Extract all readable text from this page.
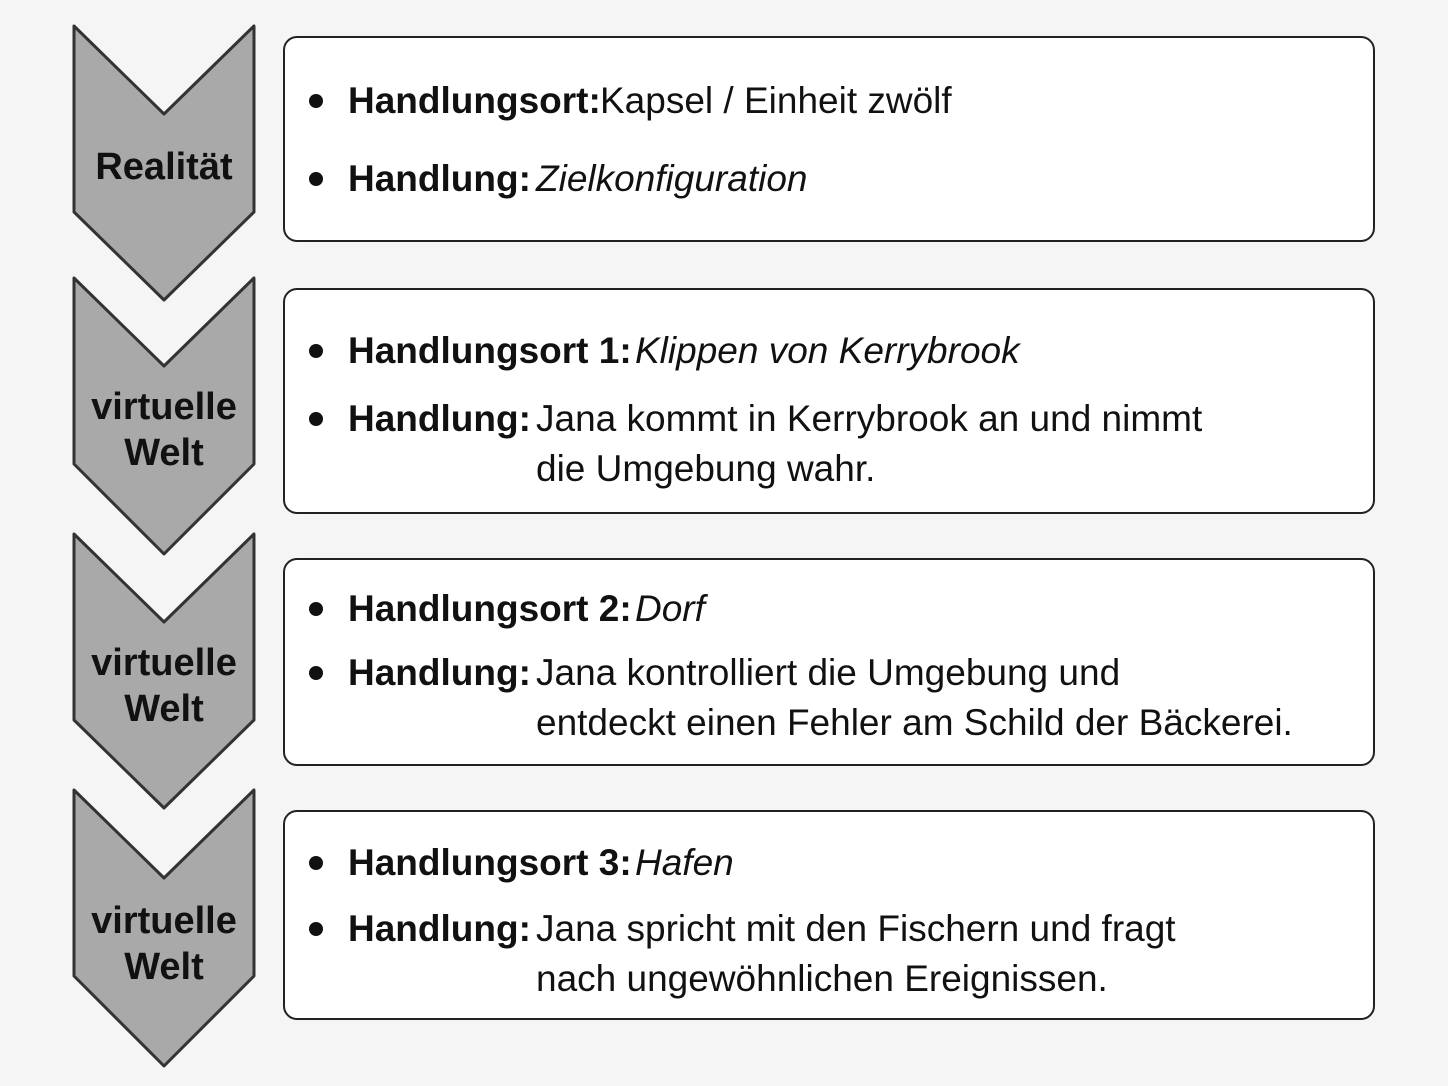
Realität
Handlungsort: Kapsel / Einheit zwölf
Handlung: Zielkonfiguration
virtuelle
Welt
Handlungsort 1: Klippen von Kerrybrook
Handlung: Jana kommt in Kerrybrook an und nimmt
die Umgebung wahr.
virtuelle
Welt
Handlungsort 2: Dorf
Handlung: Jana kontrolliert die Umgebung und
entdeckt einen Fehler am Schild der Bäckerei.
virtuelle
Welt
Handlungsort 3: Hafen
Handlung: Jana spricht mit den Fischern und fragt
nach ungewöhnlichen Ereignissen.
